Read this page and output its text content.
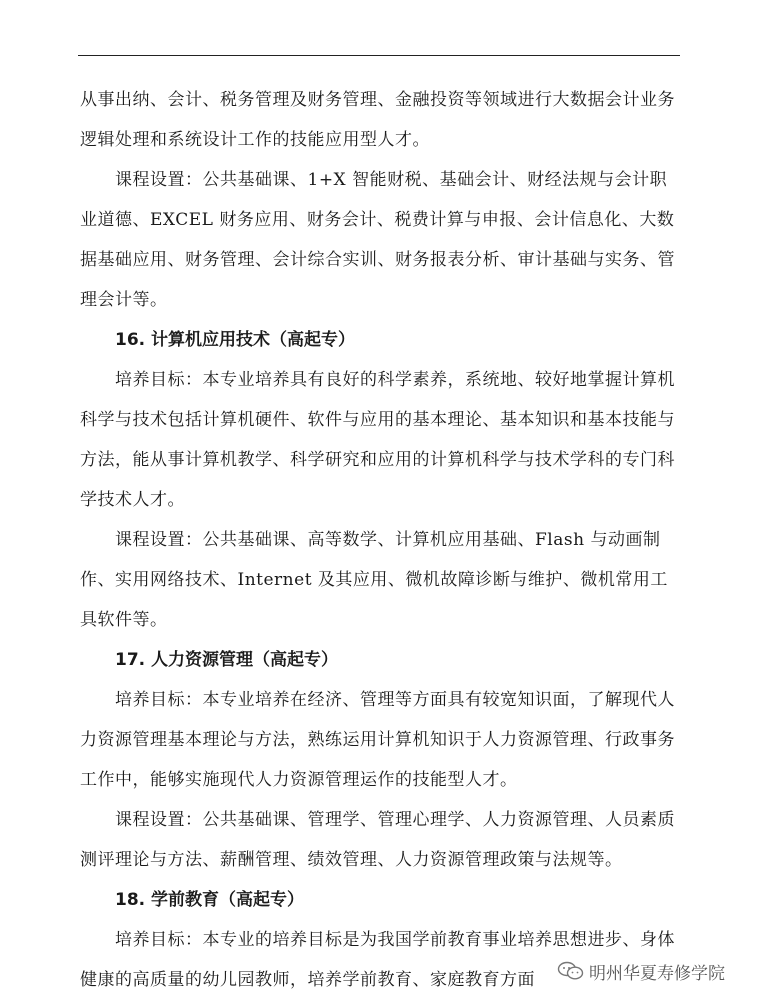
从事出纳、会计、税务管理及财务管理、金融投资等领域进行大数据会计业务逻辑处理和系统设计工作的技能应用型人才。

课程设置：公共基础课、1+X 智能财税、基础会计、财经法规与会计职业道德、EXCEL 财务应用、财务会计、税费计算与申报、会计信息化、大数据基础应用、财务管理、会计综合实训、财务报表分析、审计基础与实务、管理会计等。

16. 计算机应用技术（高起专）

培养目标：本专业培养具有良好的科学素养，系统地、较好地掌握计算机科学与技术包括计算机硬件、软件与应用的基本理论、基本知识和基本技能与方法，能从事计算机教学、科学研究和应用的计算机科学与技术学科的专门科学技术人才。

课程设置：公共基础课、高等数学、计算机应用基础、Flash 与动画制作、实用网络技术、Internet 及其应用、微机故障诊断与维护、微机常用工具软件等。

17. 人力资源管理（高起专）

培养目标：本专业培养在经济、管理等方面具有较宽知识面，了解现代人力资源管理基本理论与方法，熟练运用计算机知识于人力资源管理、行政事务工作中，能够实施现代人力资源管理运作的技能型人才。

课程设置：公共基础课、管理学、管理心理学、人力资源管理、人员素质测评理论与方法、薪酬管理、绩效管理、人力资源管理政策与法规等。

18. 学前教育（高起专）

培养目标：本专业的培养目标是为我国学前教育事业培养思想进步、身体健康的高质量的幼儿园教师，培养学前教育、家庭教育方面	明州华夏寿修学院
